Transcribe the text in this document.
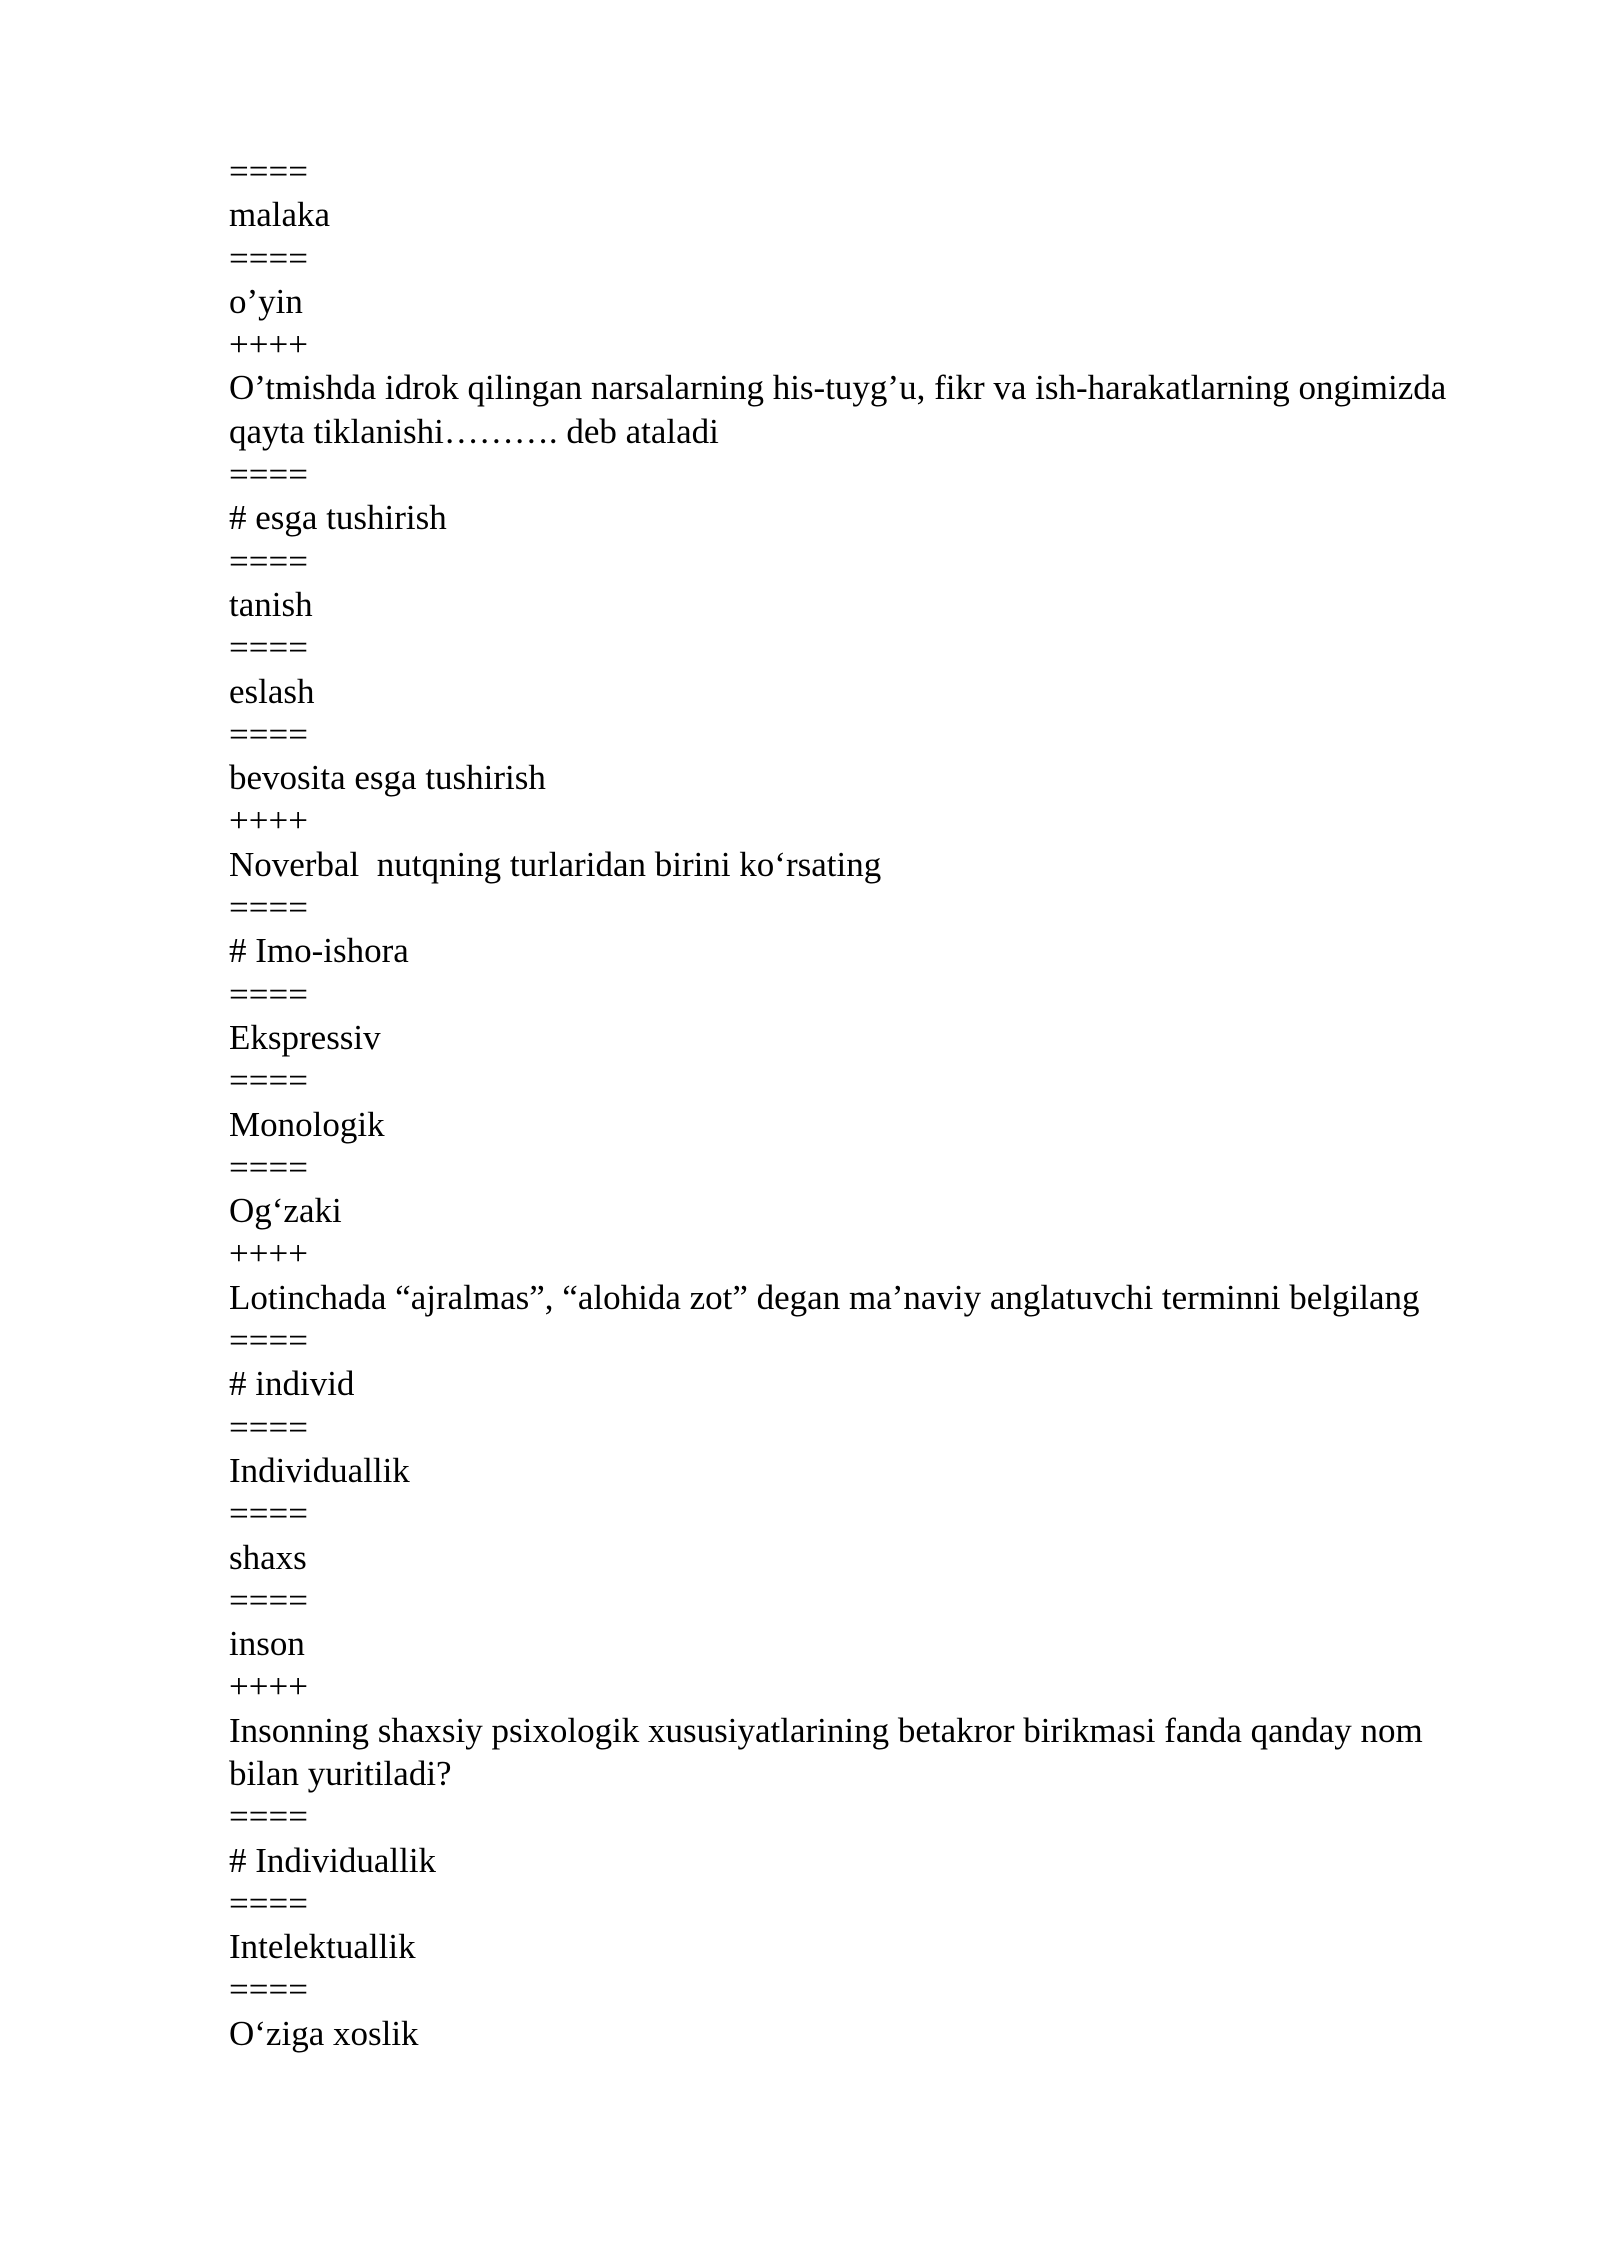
====
malaka
====
o’yin
++++
O’tmishda idrok qilingan narsalarning his-tuyg’u, fikr va ish-harakatlarning ongimizda qayta tiklanishi………. deb ataladi
====
# esga tushirish
====
tanish
====
eslash
====
bevosita esga tushirish
++++
Noverbal  nutqning turlaridan birini ko‘rsating
====
# Imo-ishora
====
Ekspressiv
====
Monologik
====
Og‘zaki
++++
Lotinchada “ajralmas”, “alohida zot” degan ma’naviy anglatuvchi terminni belgilang
====
# individ
====
Individuallik
====
shaxs
====
inson
++++
Insonning shaxsiy psixologik xususiyatlarining betakror birikmasi fanda qanday nom bilan yuritiladi?
====
# Individuallik
====
Intelektuallik
====
O‘ziga xoslik
